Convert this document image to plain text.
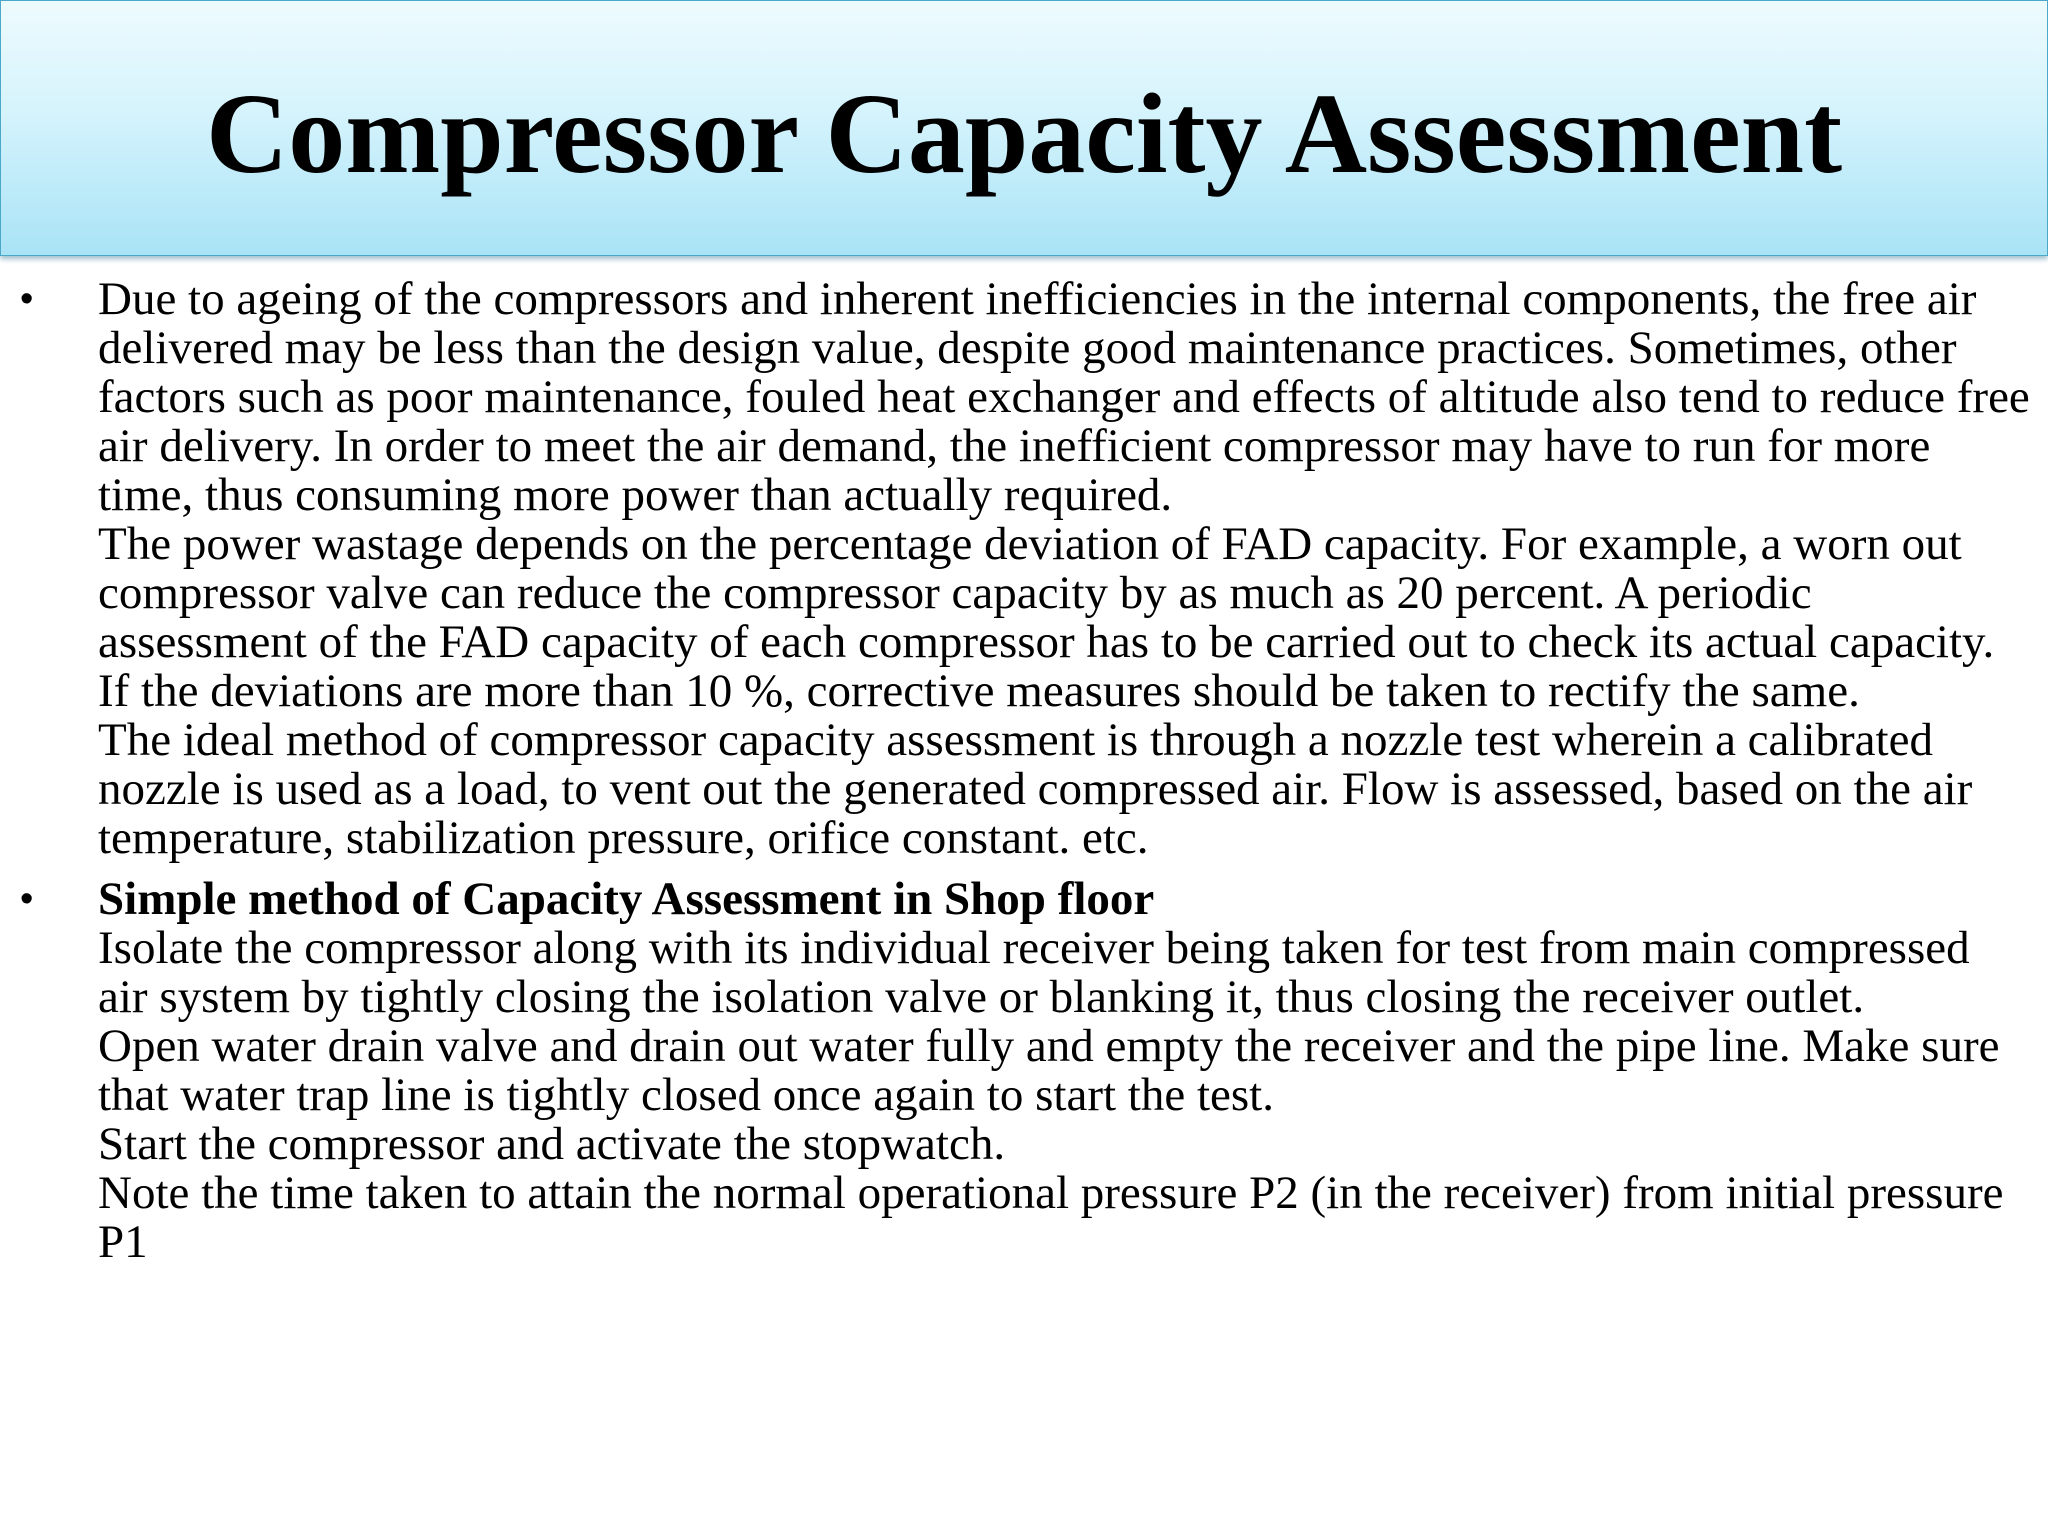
Compressor Capacity Assessment
•	Due to ageing of the compressors and inherent inefficiencies in the internal components, the free air delivered may be less than the design value, despite good maintenance practices. Sometimes, other factors such as poor maintenance, fouled heat exchanger and effects of altitude also tend to reduce free air delivery. In order to meet the air demand, the inefficient compressor may have to run for more time, thus consuming more power than actually required.

The power wastage depends on the percentage deviation of FAD capacity. For example, a worn out compressor valve can reduce the compressor capacity by as much as 20 percent. A periodic assessment of the FAD capacity of each compressor has to be carried out to check its actual capacity. If the deviations are more than 10 %, corrective measures should be taken to rectify the same.

The ideal method of compressor capacity assessment is through a nozzle test wherein a calibrated nozzle is used as a load, to vent out the generated compressed air. Flow is assessed, based on the air temperature, stabilization pressure, orifice constant. etc.

•	Simple method of Capacity Assessment in Shop floor

Isolate the compressor along with its individual receiver being taken for test from main compressed air system by tightly closing the isolation valve or blanking it, thus closing the receiver outlet.

Open water drain valve and drain out water fully and empty the receiver and the pipe line. Make sure that water trap line is tightly closed once again to start the test.

Start the compressor and activate the stopwatch.

Note the time taken to attain the normal operational pressure P2 (in the receiver) from initial pressure P1
